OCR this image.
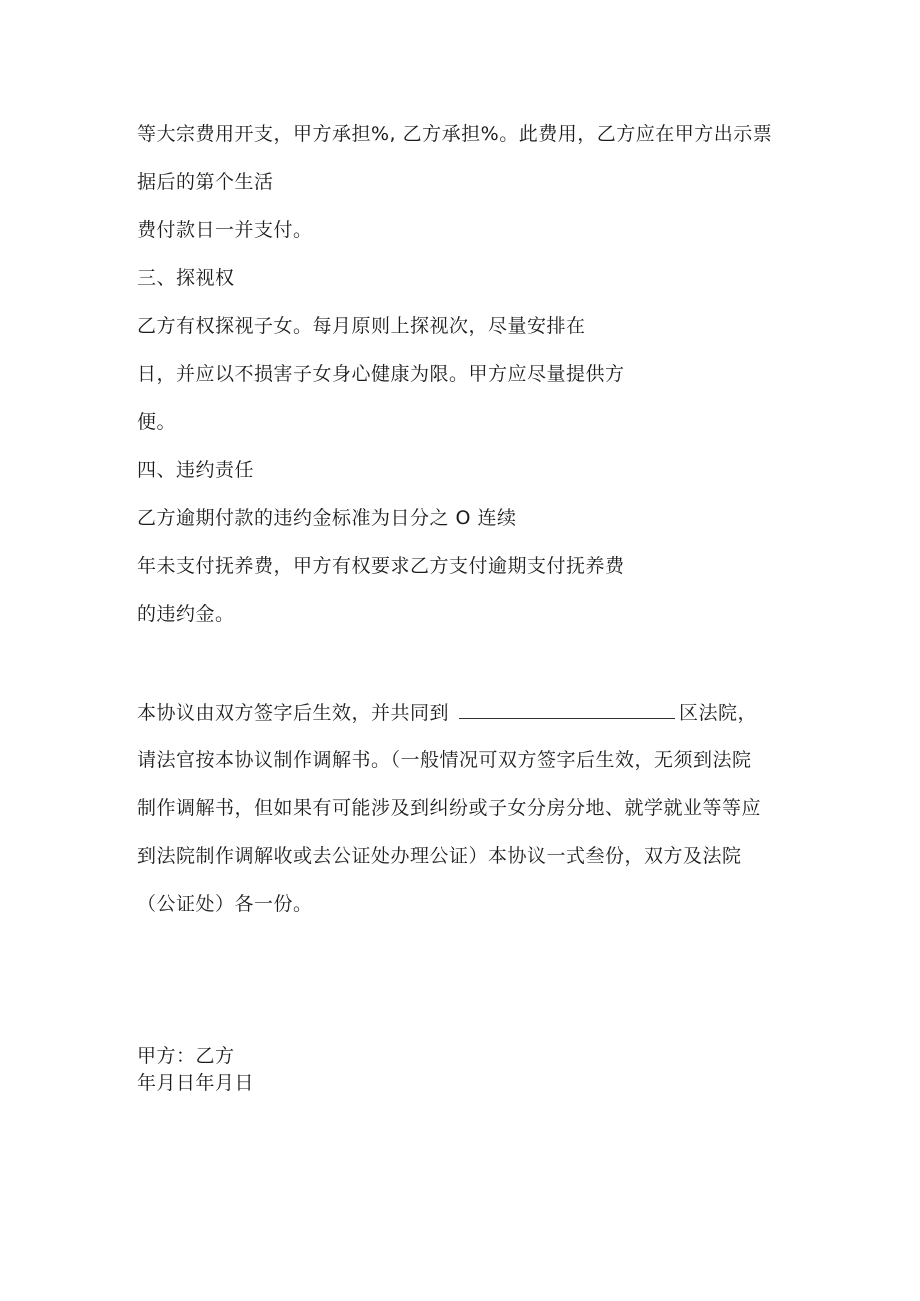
等大宗费用开支，甲方承担%, 乙方承担%。此费用，乙方应在甲方出示票
据后的第个生活
费付款日一并支付。
三、探视权
乙方有权探视子女。每月原则上探视次，尽量安排在
日，并应以不损害子女身心健康为限。甲方应尽量提供方
便。
四、违约责任
乙方逾期付款的违约金标准为日分之 O 连续
年未支付抚养费，甲方有权要求乙方支付逾期支付抚养费
的违约金。
本协议由双方签字后生效，并共同到	区法院，
请法官按本协议制作调解书。（一般情况可双方签字后生效，无须到法院
制作调解书，但如果有可能涉及到纠纷或子女分房分地、就学就业等等应
到法院制作调解收或去公证处办理公证）本协议一式叁份，双方及法院
（公证处）各一份。
甲方：乙方
年月日年月日
